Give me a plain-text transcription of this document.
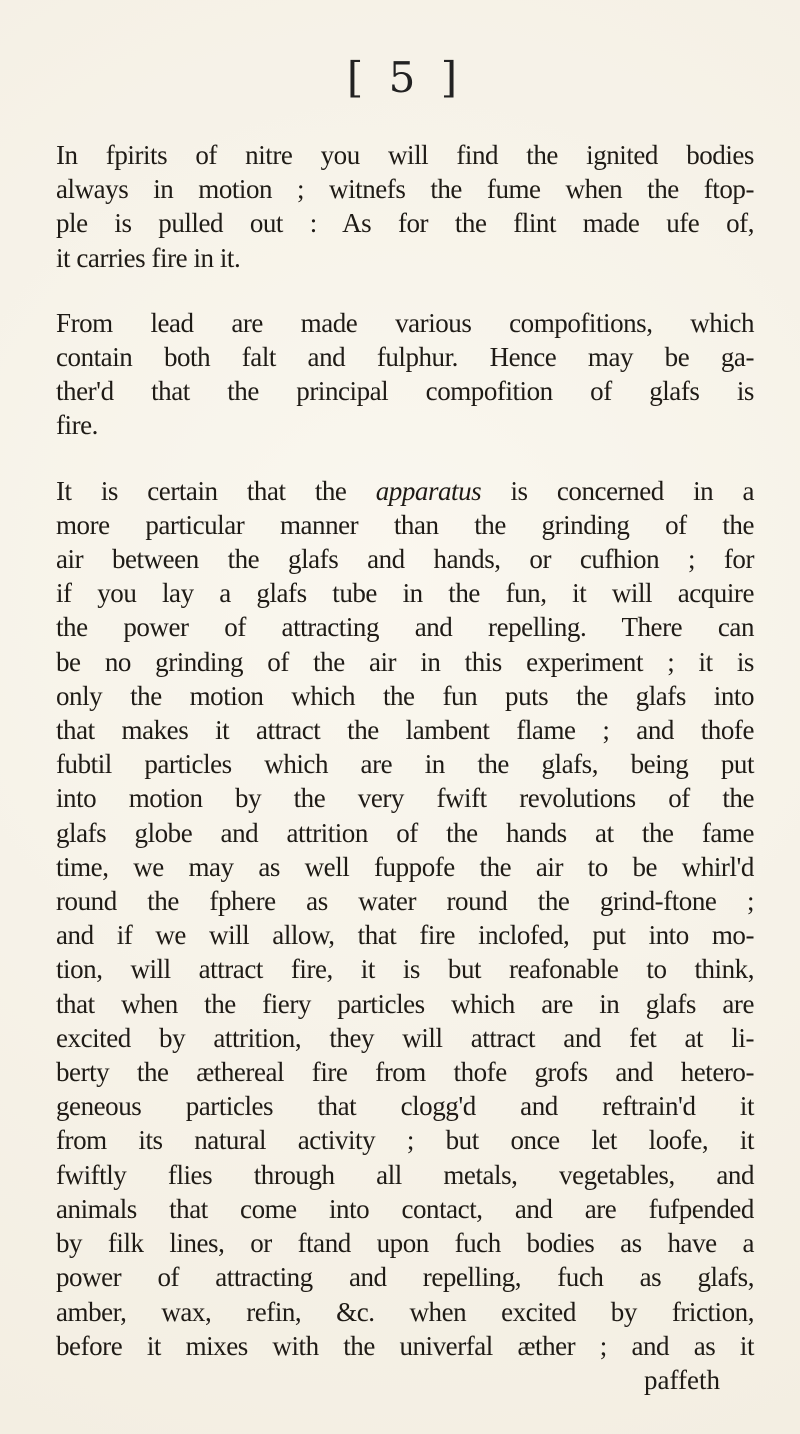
[ 5 ]
In fpirits of nitre you will find the ignited bodies
always in motion ; witnefs the fume when the ftop-
ple is pulled out : As for the flint made ufe of,
it carries fire in it.
From lead are made various compofitions, which
contain both falt and fulphur. Hence may be ga-
ther'd that the principal compofition of glafs is
fire.
It is certain that the apparatus is concerned in a
more particular manner than the grinding of the
air between the glafs and hands, or cufhion ; for
if you lay a glafs tube in the fun, it will acquire
the power of attracting and repelling. There can
be no grinding of the air in this experiment ; it is
only the motion which the fun puts the glafs into
that makes it attract the lambent flame ; and thofe
fubtil particles which are in the glafs, being put
into motion by the very fwift revolutions of the
glafs globe and attrition of the hands at the fame
time, we may as well fuppofe the air to be whirl'd
round the fphere as water round the grind-ftone ;
and if we will allow, that fire inclofed, put into mo-
tion, will attract fire, it is but reafonable to think,
that when the fiery particles which are in glafs are
excited by attrition, they will attract and fet at li-
berty the æthereal fire from thofe grofs and hetero-
geneous particles that clogg'd and reftrain'd it
from its natural activity ; but once let loofe, it
fwiftly flies through all metals, vegetables, and
animals that come into contact, and are fufpended
by filk lines, or ftand upon fuch bodies as have a
power of attracting and repelling, fuch as glafs,
amber, wax, refin, &c. when excited by friction,
before it mixes with the univerfal æther ; and as it
paffeth
